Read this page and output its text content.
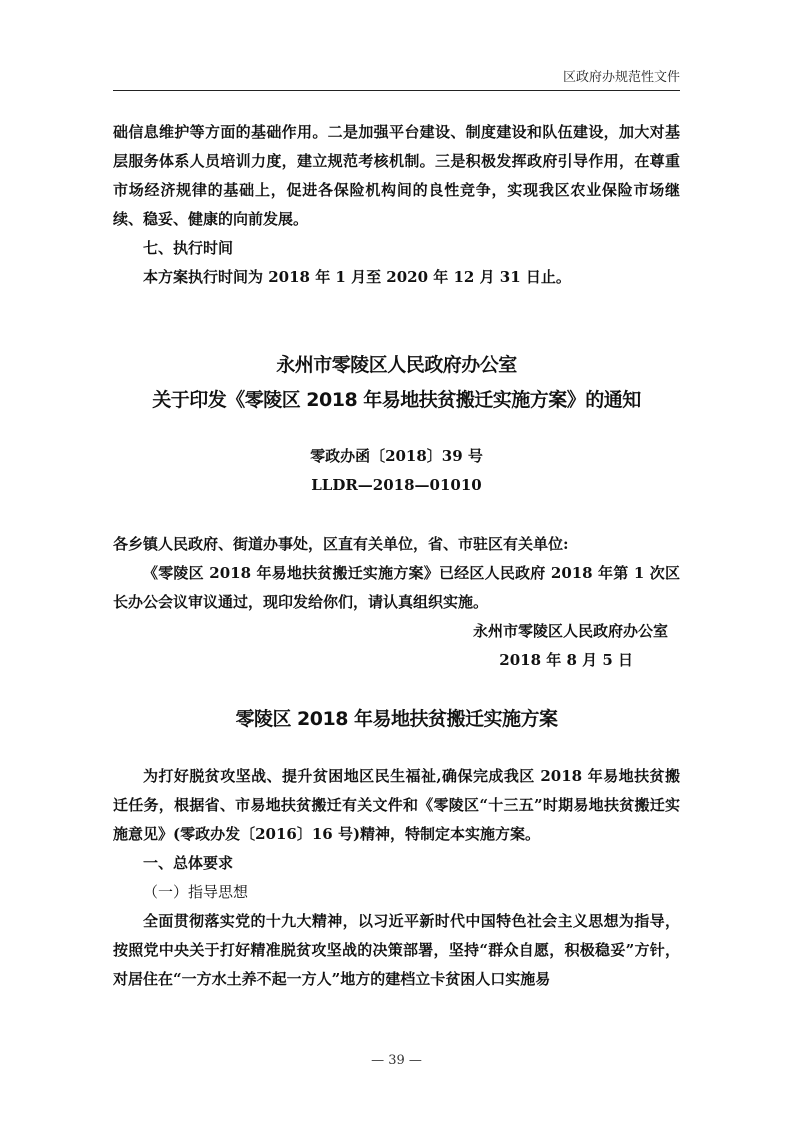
区政府办规范性文件

础信息维护等方面的基础作用。二是加强平台建设、制度建设和队伍建设，加大对基层服务体系人员培训力度，建立规范考核机制。三是积极发挥政府引导作用，在尊重市场经济规律的基础上，促进各保险机构间的良性竞争，实现我区农业保险市场继续、稳妥、健康的向前发展。

七、执行时间

本方案执行时间为 2018 年 1 月至 2020 年 12 月 31 日止。

永州市零陵区人民政府办公室

关于印发《零陵区 2018 年易地扶贫搬迁实施方案》的通知

零政办函〔2018〕39 号

LLDR—2018—01010

各乡镇人民政府、街道办事处，区直有关单位，省、市驻区有关单位:

《零陵区 2018 年易地扶贫搬迁实施方案》已经区人民政府 2018 年第 1 次区长办公会议审议通过，现印发给你们，请认真组织实施。

永州市零陵区人民政府办公室

2018 年 8 月 5 日

零陵区 2018 年易地扶贫搬迁实施方案

为打好脱贫攻坚战、提升贫困地区民生福祉,确保完成我区 2018 年易地扶贫搬迁任务，根据省、市易地扶贫搬迁有关文件和《零陵区“十三五”时期易地扶贫搬迁实施意见》(零政办发〔2016〕16 号)精神，特制定本实施方案。

一、总体要求

（一）指导思想

全面贯彻落实党的十九大精神，以习近平新时代中国特色社会主义思想为指导，按照党中央关于打好精准脱贫攻坚战的决策部署，坚持“群众自愿，积极稳妥”方针，对居住在“一方水土养不起一方人”地方的建档立卡贫困人口实施易

— 39 —
